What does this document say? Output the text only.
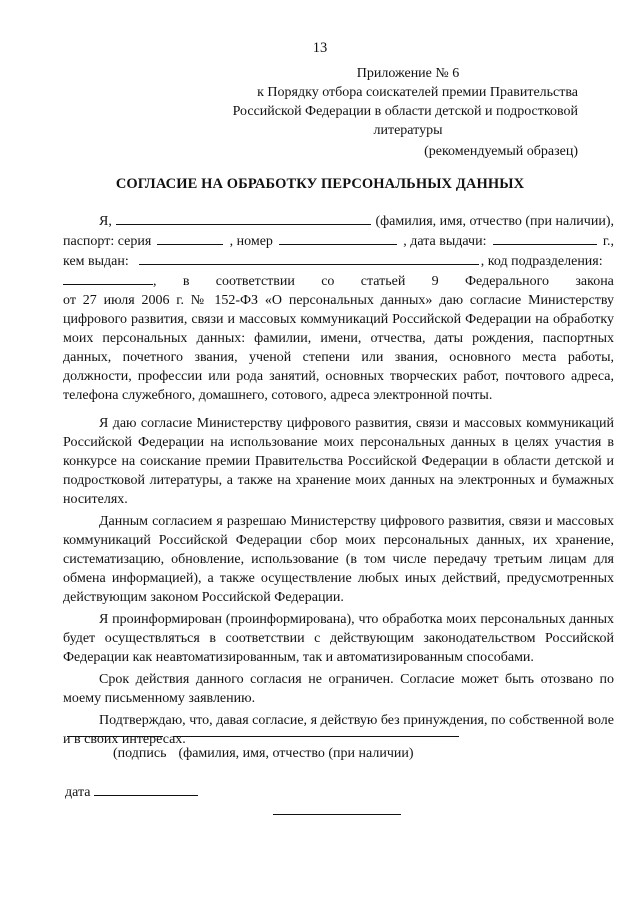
13
Приложение № 6
к Порядку отбора соискателей премии Правительства
Российской Федерации в области детской и подростковой
литературы
(рекомендуемый образец)
СОГЛАСИЕ НА ОБРАБОТКУ ПЕРСОНАЛЬНЫХ ДАННЫХ
Я,	(фамилия, имя, отчество (при наличии),
паспорт: серия	, номер	, дата выдачи:	г.,
кем выдан:	, код подразделения:
, в соответствии со статьей 9 Федерального закона

от 27 июля 2006 г. № 152-ФЗ «О персональных данных» даю согласие Министерству цифрового развития, связи и массовых коммуникаций Российской Федерации на обработку моих персональных данных: фамилии, имени, отчества, даты рождения, паспортных данных, почетного звания, ученой степени или звания, основного места работы, должности, профессии или рода занятий, основных творческих работ, почтового адреса, телефона служебного, домашнего, сотового, адреса электронной почты.

Я даю согласие Министерству цифрового развития, связи и массовых коммуникаций Российской Федерации на использование моих персональных данных в целях участия в конкурсе на соискание премии Правительства Российской Федерации в области детской и подростковой литературы, а также на хранение моих данных на электронных и бумажных носителях.

Данным согласием я разрешаю Министерству цифрового развития, связи и массовых коммуникаций Российской Федерации сбор моих персональных данных, их хранение, систематизацию, обновление, использование (в том числе передачу третьим лицам для обмена информацией), а также осуществление любых иных действий, предусмотренных действующим законом Российской Федерации.

Я проинформирован (проинформирована), что обработка моих персональных данных будет осуществляться в соответствии с действующим законодательством Российской Федерации как неавтоматизированным, так и автоматизированным способами.

Срок действия данного согласия не ограничен. Согласие может быть отозвано по моему письменному заявлению.

Подтверждаю, что, давая согласие, я действую без принуждения, по собственной воле и в своих интересах.

(подпись (фамилия, имя, отчество (при наличии)
дата
